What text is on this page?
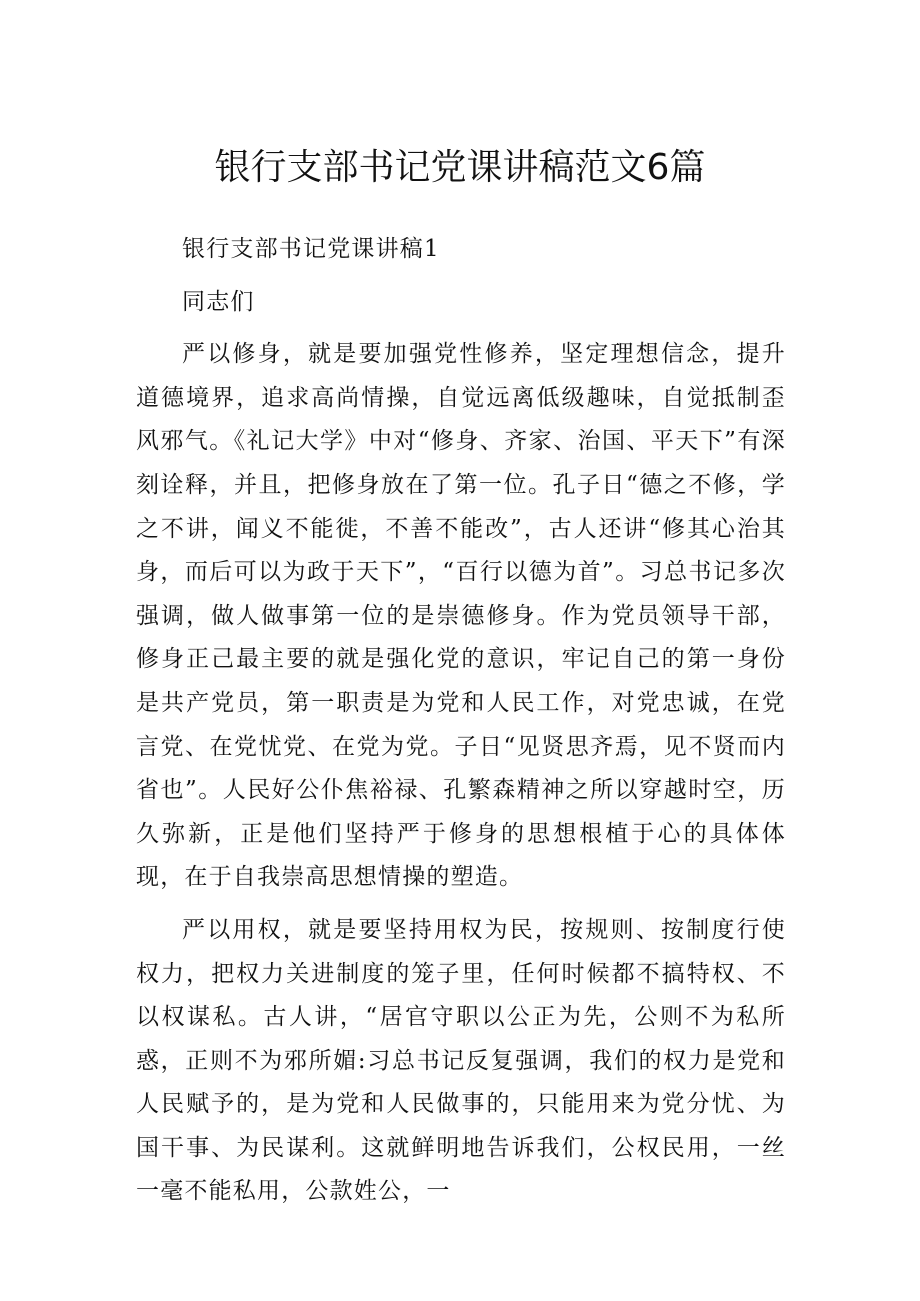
银行支部书记党课讲稿范文6篇

银行支部书记党课讲稿1

同志们

严以修身，就是要加强党性修养，坚定理想信念，提升道德境界，追求高尚情操，自觉远离低级趣味，自觉抵制歪风邪气。《礼记大学》中对“修身、齐家、治国、平天下”有深刻诠释，并且，把修身放在了第一位。孔子日“德之不修，学之不讲，闻义不能徙，不善不能改”，古人还讲“修其心治其身，而后可以为政于天下”，“百行以德为首”。习总书记多次强调，做人做事第一位的是崇德修身。作为党员领导干部，修身正己最主要的就是强化党的意识，牢记自己的第一身份是共产党员，第一职责是为党和人民工作，对党忠诚，在党言党、在党忧党、在党为党。子日“见贤思齐焉，见不贤而内省也”。人民好公仆焦裕禄、孔繁森精神之所以穿越时空，历久弥新，正是他们坚持严于修身的思想根植于心的具体体现，在于自我崇高思想情操的塑造。

严以用权，就是要坚持用权为民，按规则、按制度行使权力，把权力关进制度的笼子里，任何时候都不搞特权、不以权谋私。古人讲，“居官守职以公正为先，公则不为私所惑，正则不为邪所媚:习总书记反复强调，我们的权力是党和人民赋予的，是为党和人民做事的，只能用来为党分忧、为国干事、为民谋利。这就鲜明地告诉我们，公权民用，一丝一毫不能私用，公款姓公，一
